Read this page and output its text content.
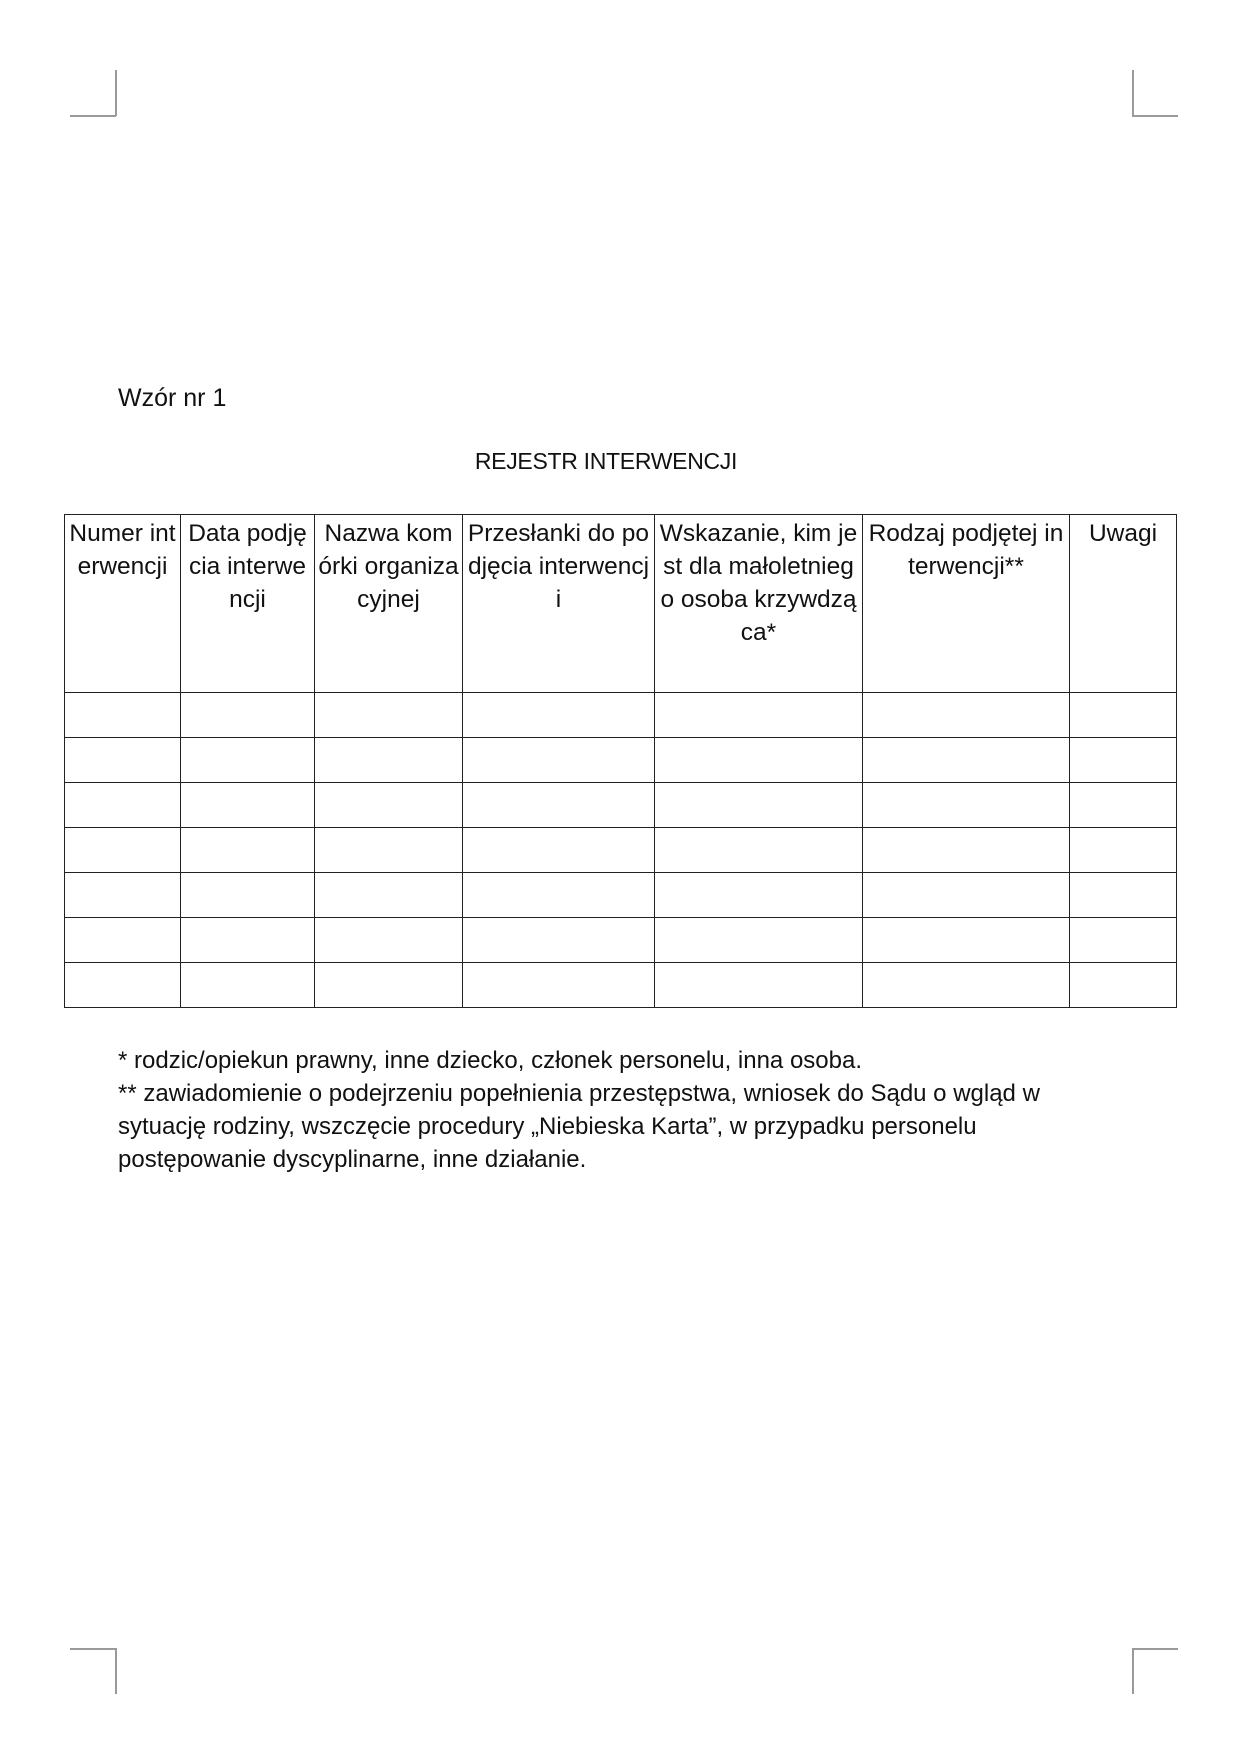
Wzór nr 1
REJESTR INTERWENCJI
Numer interwencji	Data podjęcia interwencji	Nazwa komórki organizacyjnej	Przesłanki do podjęcia interwencji	Wskazanie, kim jest dla małoletniego osoba krzywdząca*	Rodzaj podjętej interwencji**	Uwagi

* rodzic/opiekun prawny, inne dziecko, członek personelu, inna osoba.

** zawiadomienie o podejrzeniu popełnienia przestępstwa, wniosek do Sądu o wgląd w sytuację rodziny, wszczęcie procedury „Niebieska Karta”, w przypadku personelu postępowanie dyscyplinarne, inne działanie.
